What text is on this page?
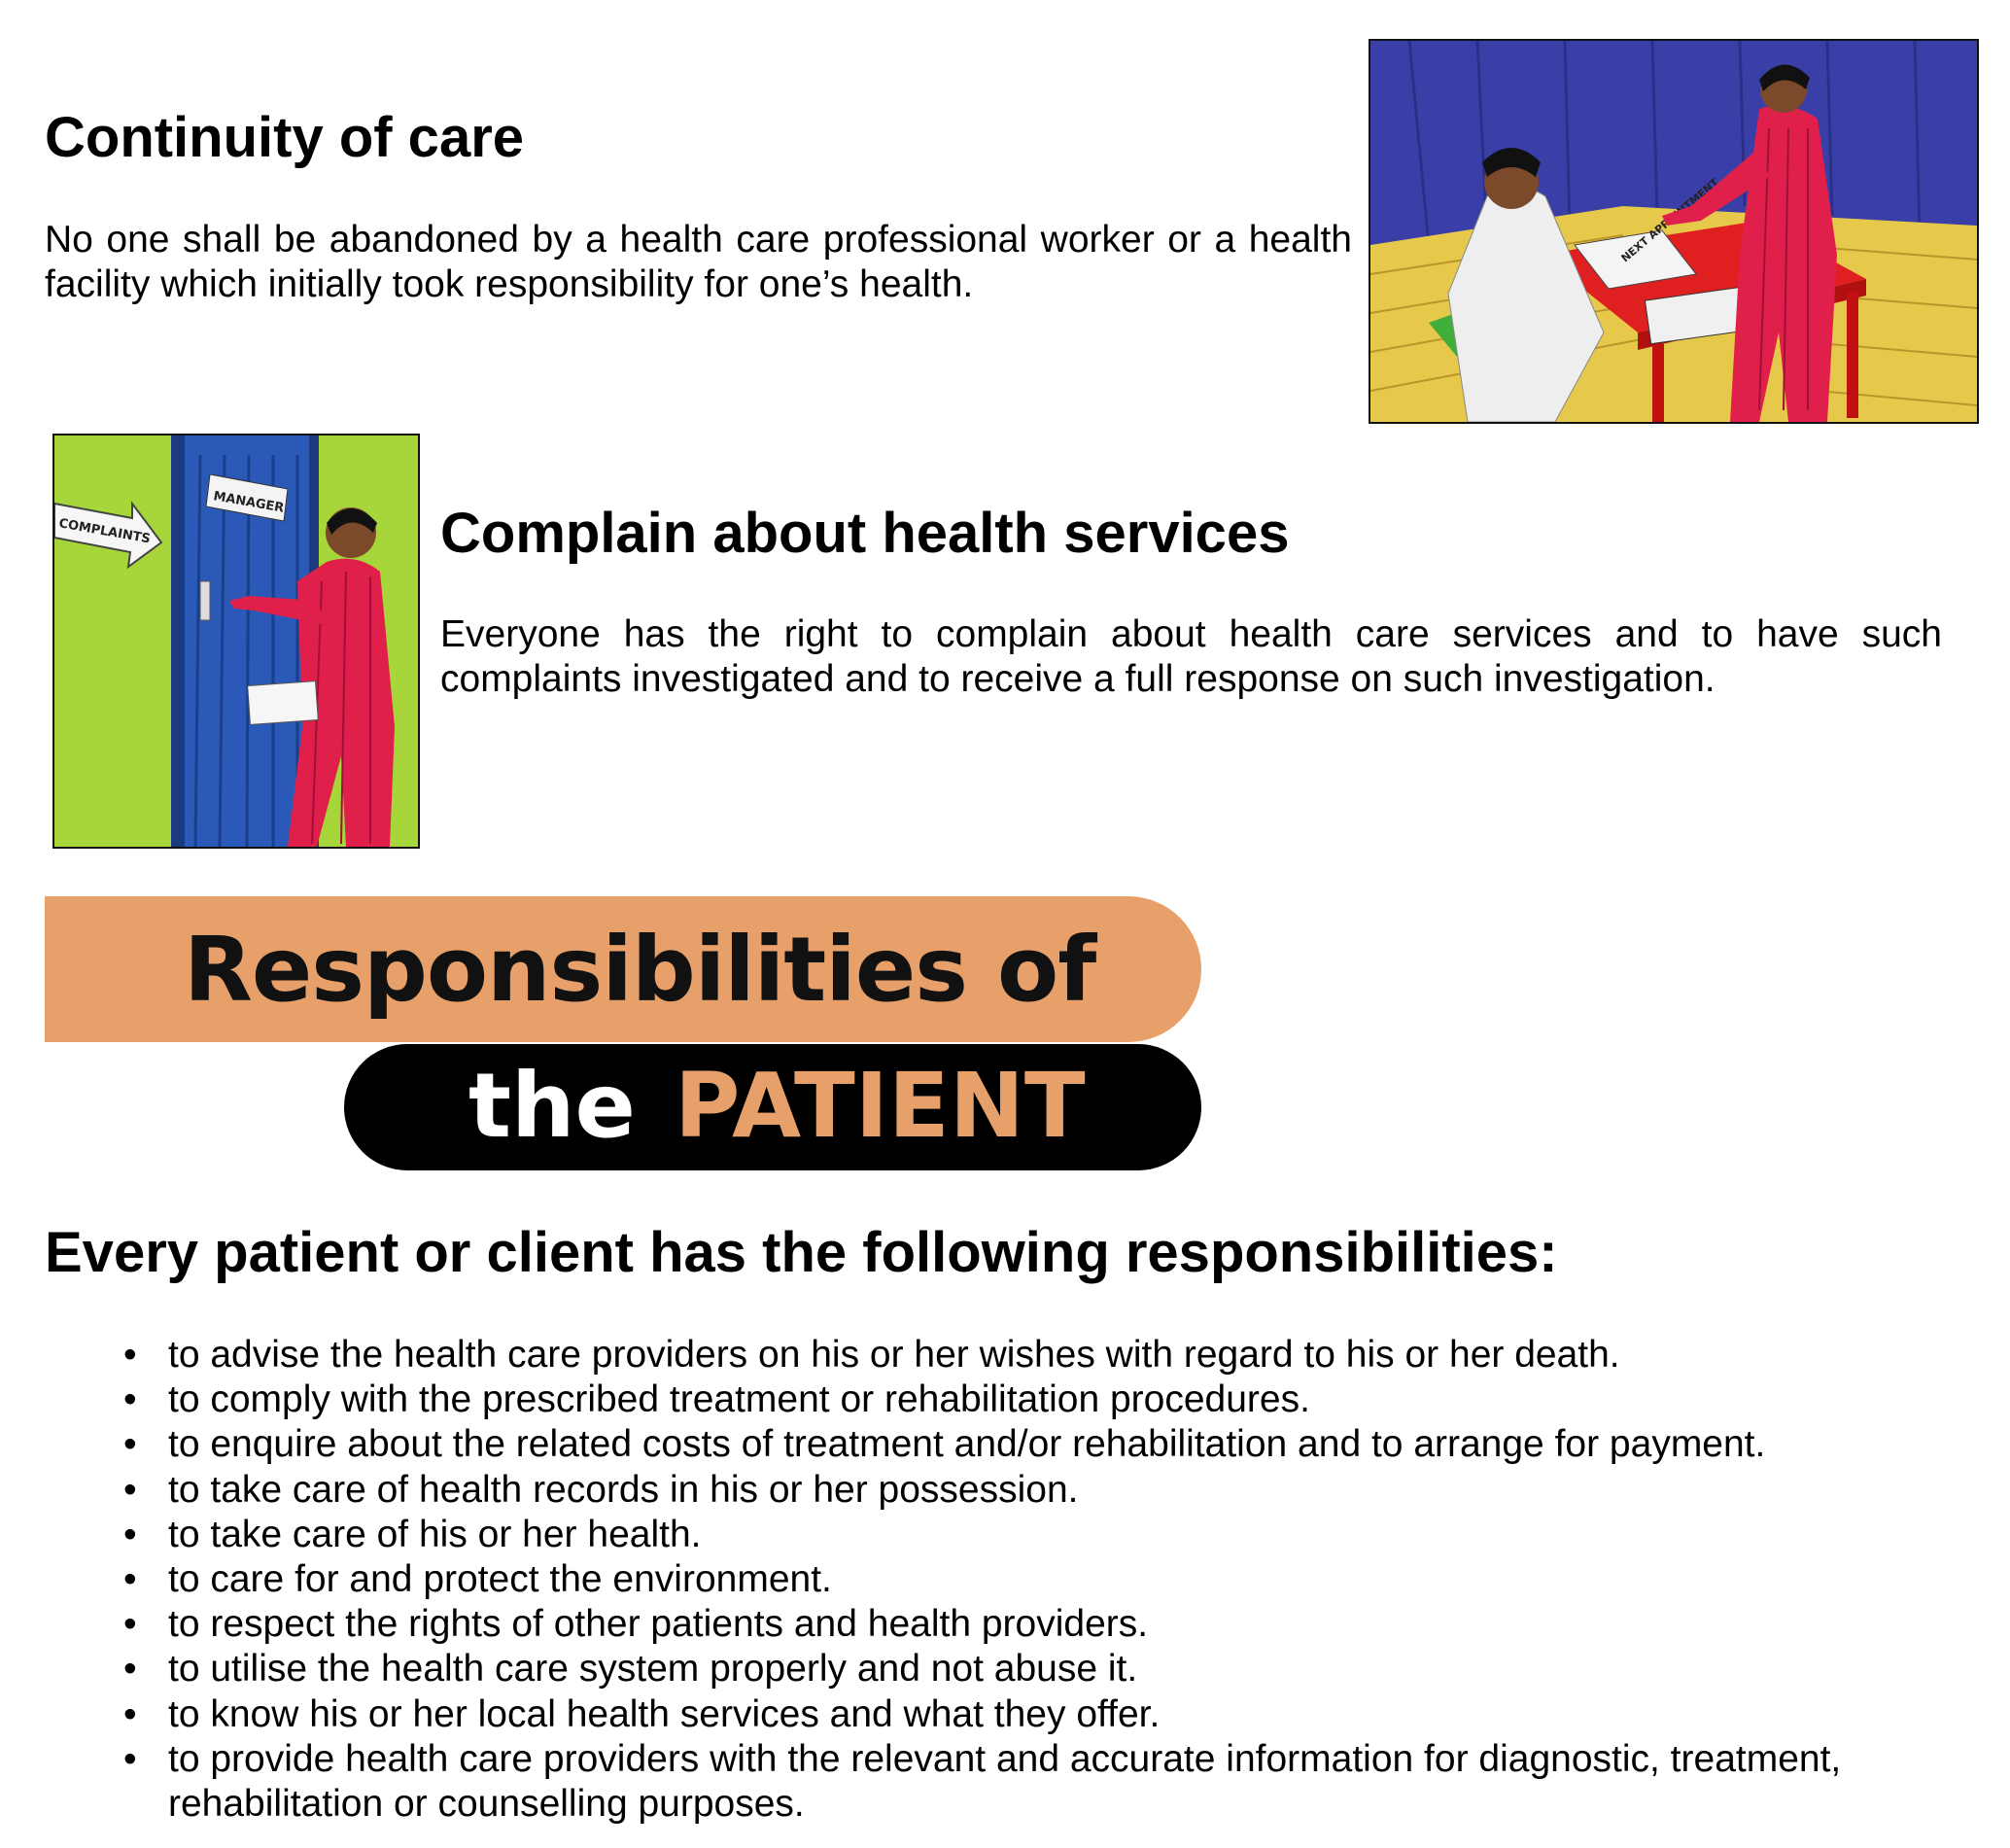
Continuity of care

No one shall be abandoned by a health care professional worker or a health facility which initially took responsibility for one’s health.

NEXT
MANAGER
COMPLAINTS	Complain about health services

Everyone has the right to complain about health care services and to have such complaints investigated and to receive a full response on such investigation.

Responsibilities of
the PATIENT
Every patient or client has the following responsibilities:
• to advise the health care providers on his or her wishes with regard to his or her death.
• to comply with the prescribed treatment or rehabilitation procedures.
• to enquire about the related costs of treatment and/or rehabilitation and to arrange for payment.
• to take care of health records in his or her possession.
• to take care of his or her health.
• to care for and protect the environment.
• to respect the rights of other patients and health providers.
• to utilise the health care system properly and not abuse it.
• to know his or her local health services and what they offer.
• to provide health care providers with the relevant and accurate information for diagnostic, treatment, rehabilitation or counselling purposes.
